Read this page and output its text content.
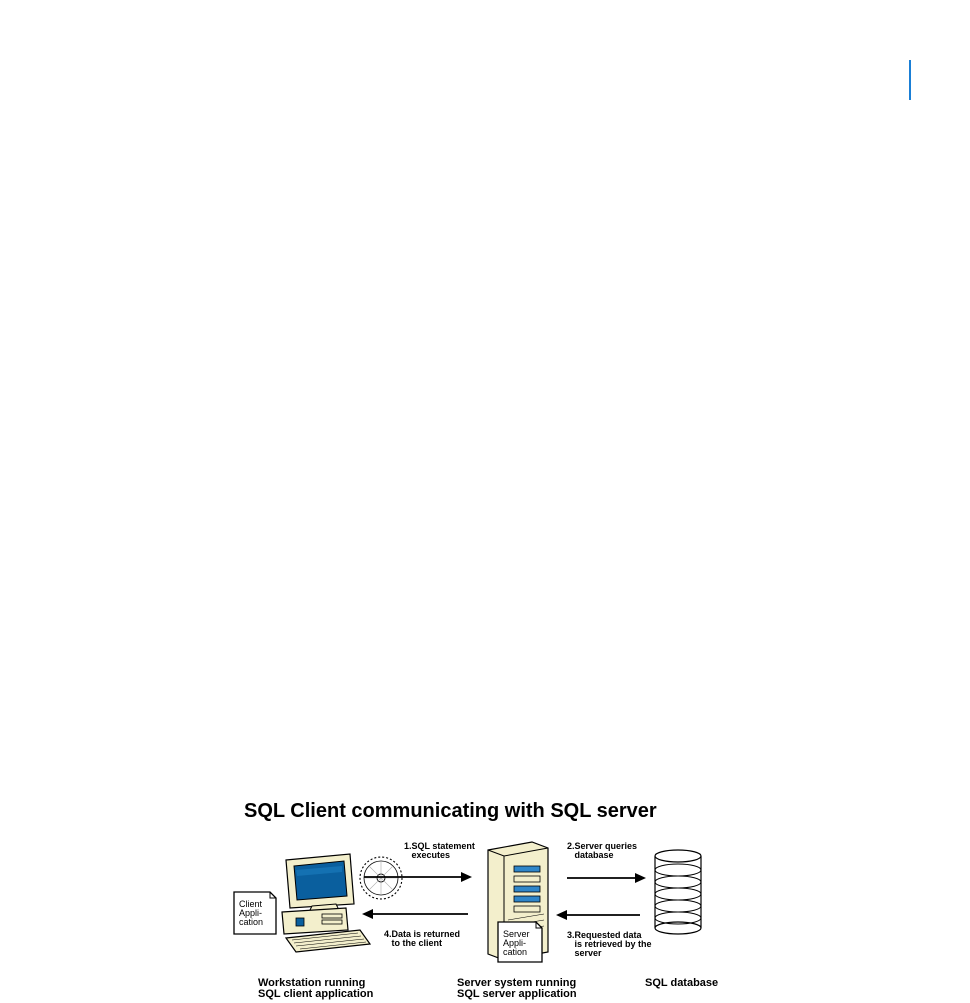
SQL Client communicating with SQL server
1.SQL statement
executes
2.Server queries
database
3.Requested data
is retrieved by the
server
4.Data is returned
to the client
Client
Appli-
cation
Server
Appli-
cation
Workstation running
SQL client application
Server system running
SQL server application
SQL database
